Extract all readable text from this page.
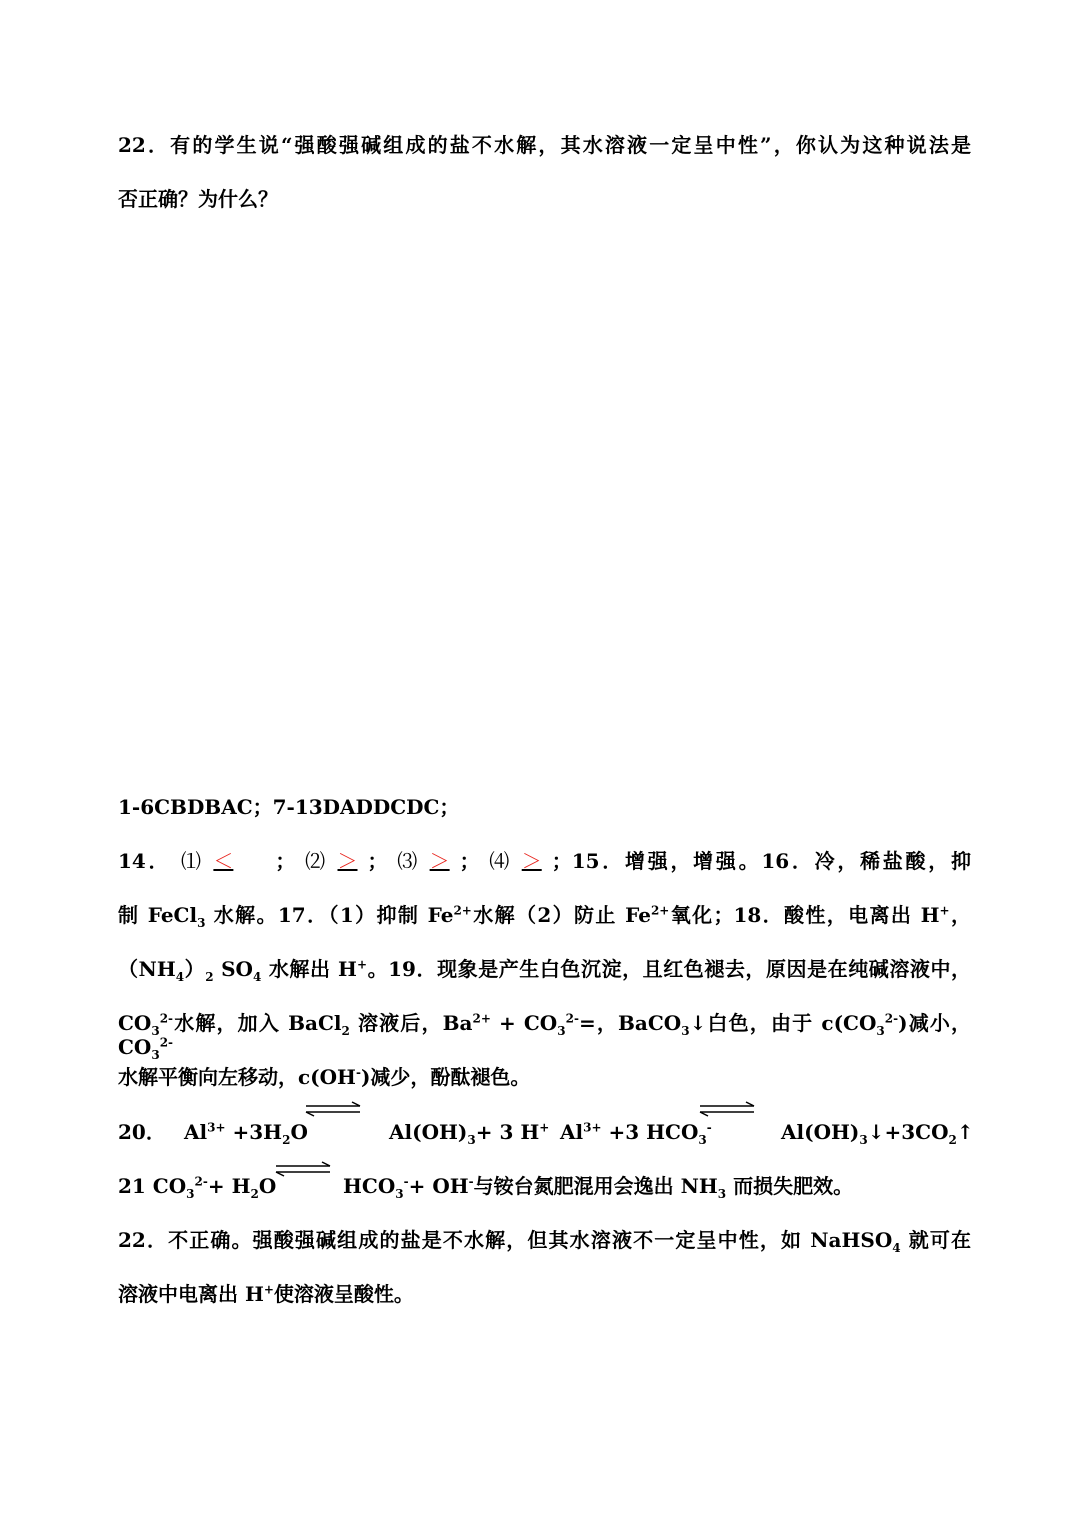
22．有的学生说“强酸强碱组成的盐不水解，其水溶液一定呈中性”，你认为这种说法是
否正确？为什么？
1-6CBDBAC；7-13DADDCDC；
14． ⑴ ＜ ； ⑵ ＞ ； ⑶ ＞ ； ⑷ ＞ ；15．增强，增强。16．冷，稀盐酸，抑
制 FeCl$_3$ 水解。17．（1）抑制 $Fe^{2+}$水解（2）防止 $Fe^{2+}$氧化；18．酸性，电离出 H+，
$(NH_4)_2$ $SO_4$ 水解出 H+。19．现象是产生白色沉淀，且红色褪去，原因是在纯碱溶液中，
$CO_3^{2-}$水解，加入 BaCl$_2$ 溶液后，$Ba^{2+} + CO_3^{2-}=$，BaCO$_3$↓白色，由于 $c(CO_3^{2-})$减小，$CO_3^{2-}$
水解平衡向左移动，c(OH-)减少，酚酞褪色。
20． $Al^{3+} +3H_2O$	$Al(OH)_3+ 3$ H+ $Al^{3+} +3$ $HCO_3^-$	$Al(OH)_3↓+3CO_2↑$
21 $CO_3^{2-}+ H_2O$	$HCO_3^-+ OH^-$与铵台氮肥混用会逸出 $NH_3$ 而损失肥效。
22．不正确。强酸强碱组成的盐是不水解，但其水溶液不一定呈中性，如 NaHSO$_4$ 就可在
溶液中电离出 H+使溶液呈酸性。
